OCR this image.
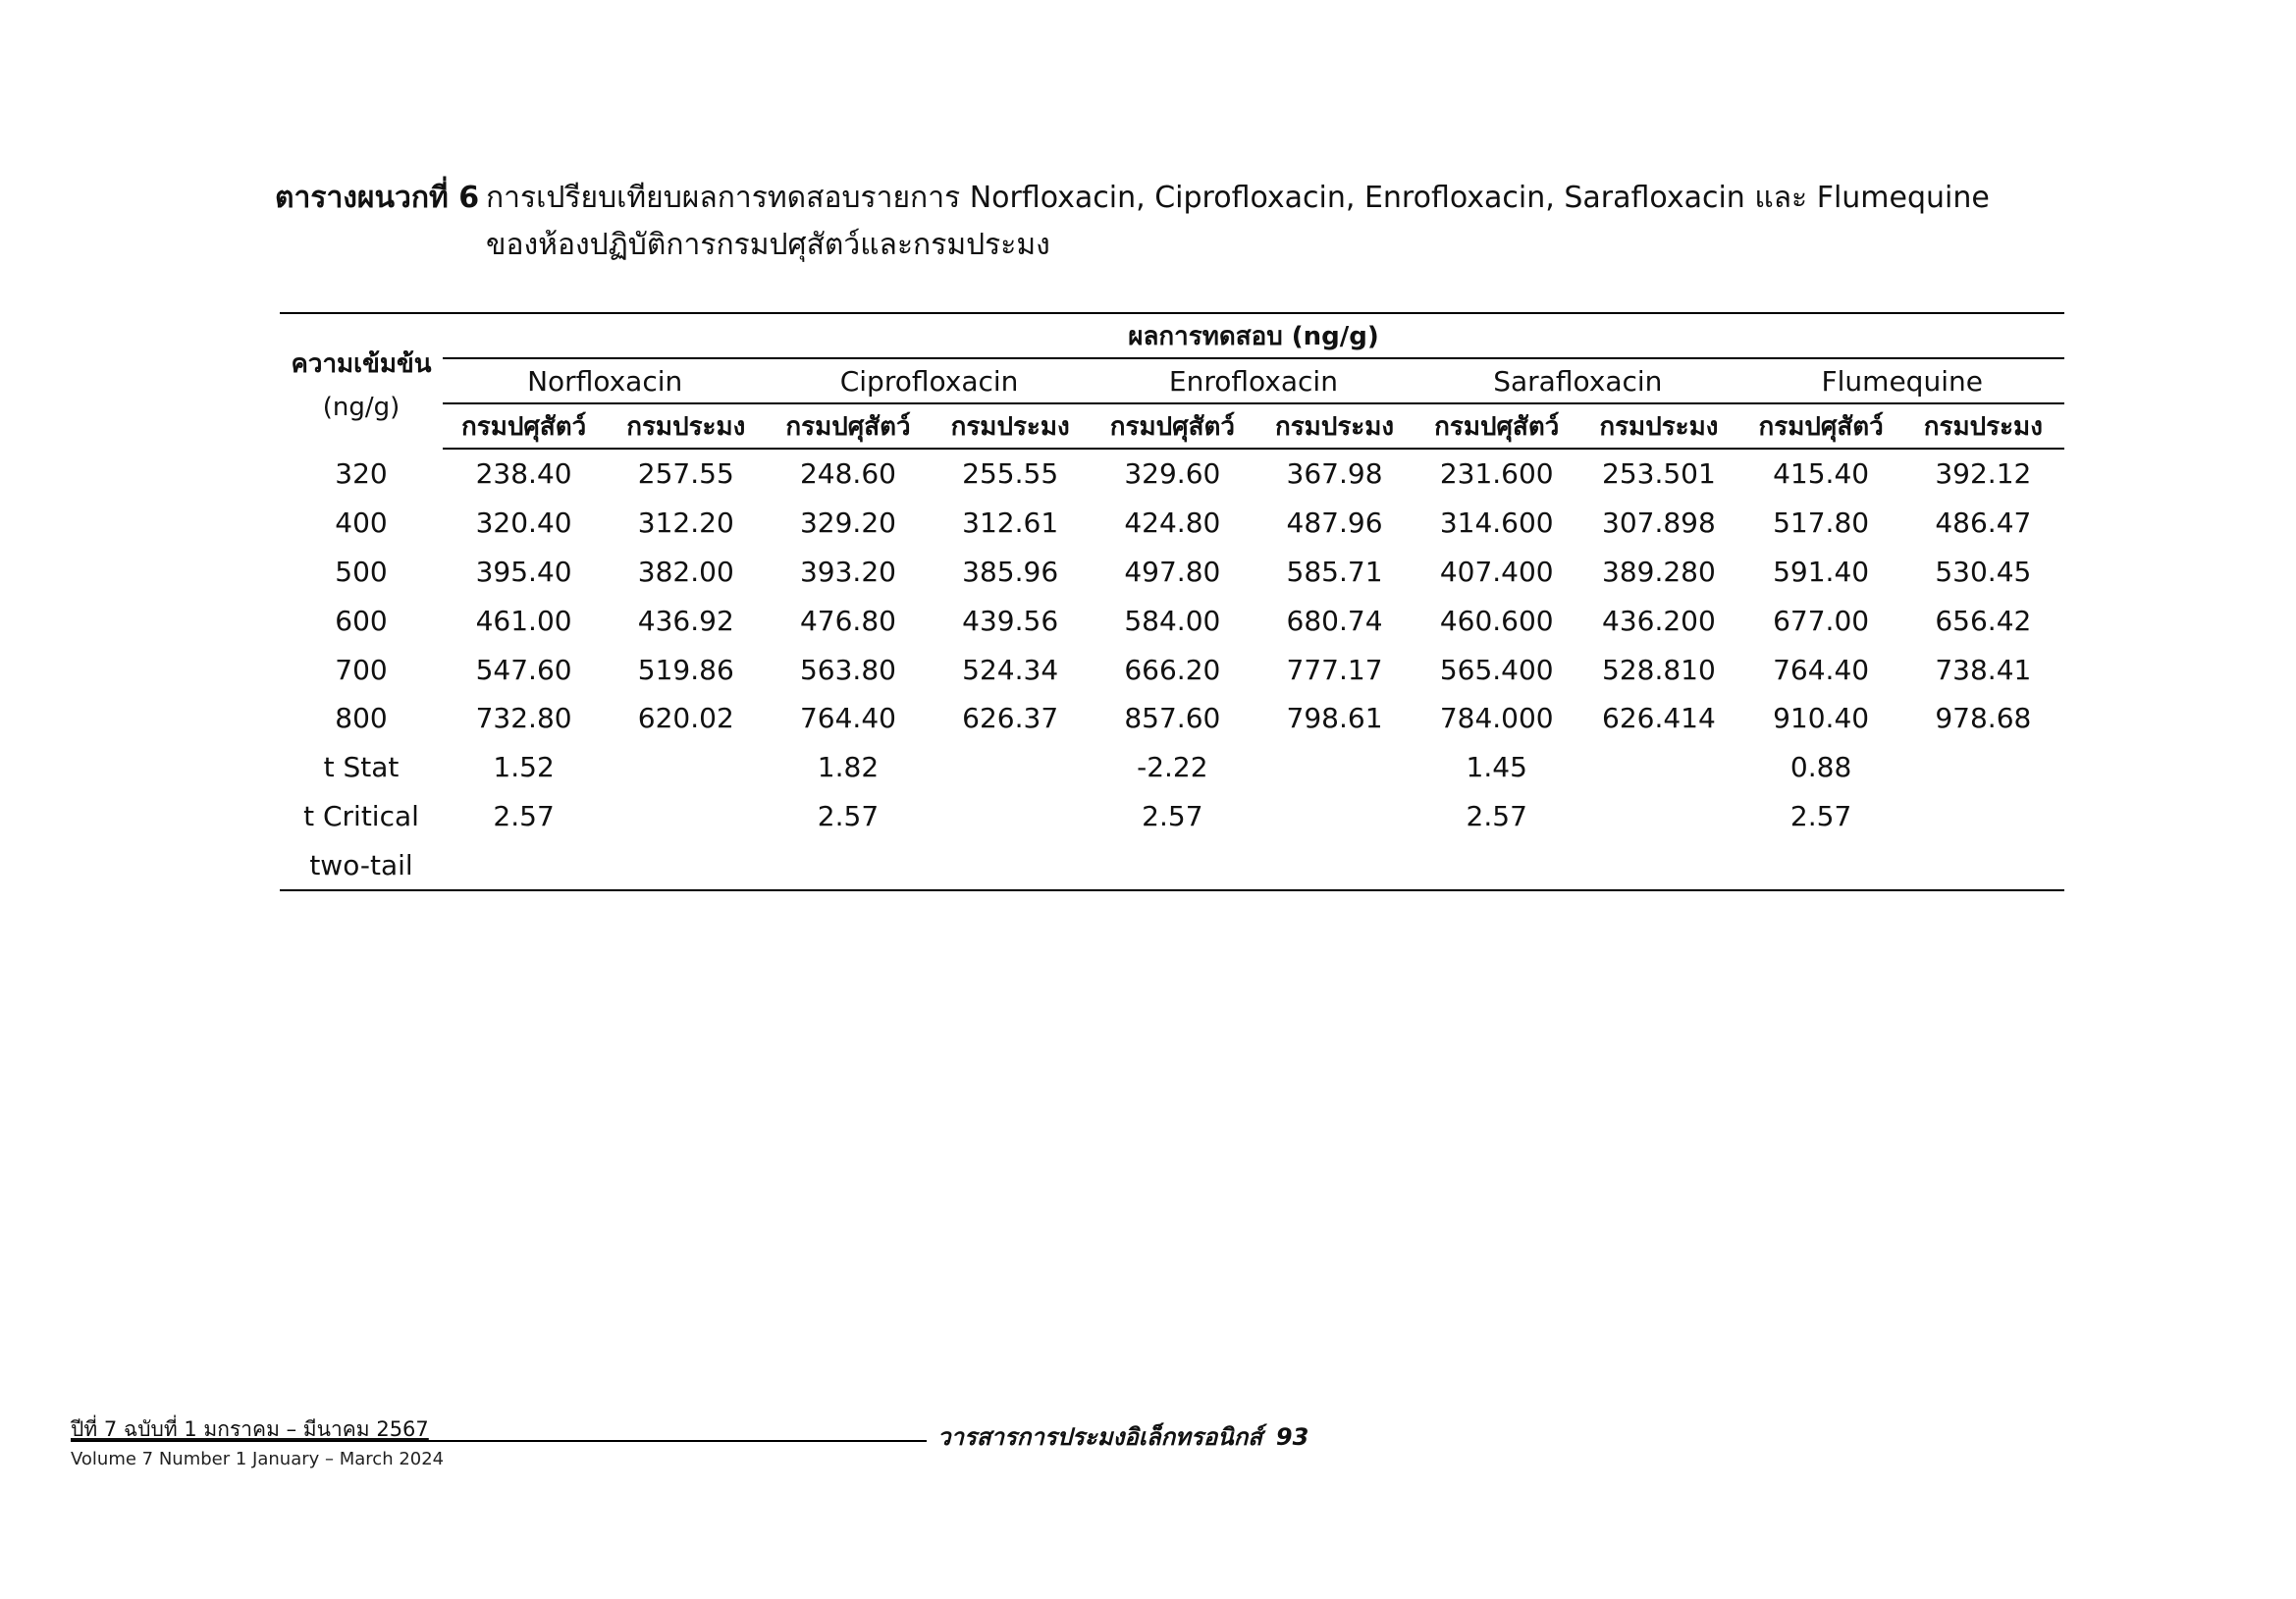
ตารางผนวกที่ 6 การเปรียบเทียบผลการทดสอบรายการ Norfloxacin, Ciprofloxacin, Enrofloxacin, Sarafloxacin และ Flumequine
ของห้องปฏิบัติการกรมปศุสัตว์และกรมประมง
ความเข้มข้น
(ng/g)	ผลการทดสอบ (ng/g)									
	Norfloxacin		Ciprofloxacin		Enrofloxacin		Sarafloxacin		Flumequine	
	กรมปศุสัตว์	กรมประมง	กรมปศุสัตว์	กรมประมง	กรมปศุสัตว์	กรมประมง	กรมปศุสัตว์	กรมประมง	กรมปศุสัตว์	กรมประมง
320	238.40	257.55	248.60	255.55	329.60	367.98	231.600	253.501	415.40	392.12
400	320.40	312.20	329.20	312.61	424.80	487.96	314.600	307.898	517.80	486.47
500	395.40	382.00	393.20	385.96	497.80	585.71	407.400	389.280	591.40	530.45
600	461.00	436.92	476.80	439.56	584.00	680.74	460.600	436.200	677.00	656.42
700	547.60	519.86	563.80	524.34	666.20	777.17	565.400	528.810	764.40	738.41
800	732.80	620.02	764.40	626.37	857.60	798.61	784.000	626.414	910.40	978.68
t Stat	1.52		1.82		-2.22		1.45		0.88	
t Critical	2.57		2.57		2.57		2.57		2.57	
two-tail										
ปีที่ 7 ฉบับที่ 1 มกราคม – มีนาคม 2567	วารสารการประมงอิเล็กทรอนิกส์ 93
Volume 7 Number 1 January – March 2024
